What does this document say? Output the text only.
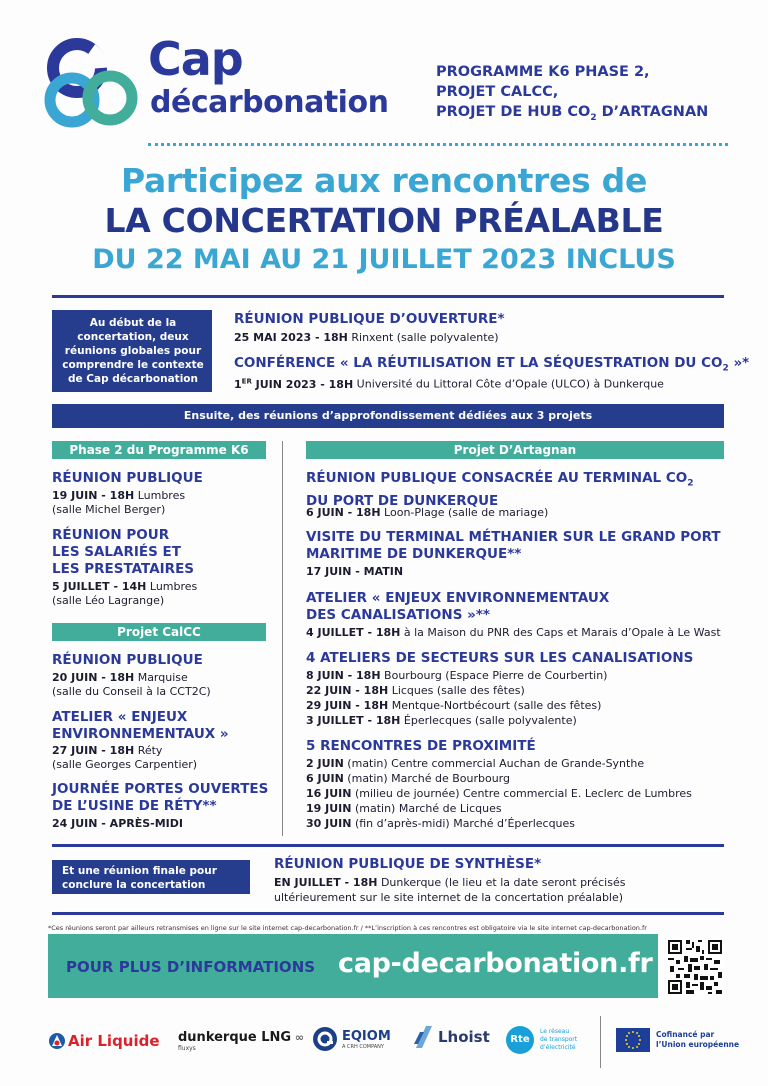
Cap
décarbonation
PROGRAMME K6 PHASE 2,
PROJET CALCC,
PROJET DE HUB $CO_2$ D’ARTAGNAN
Participez aux rencontres de
LA CONCERTATION PRÉALABLE
DU 22 MAI AU 21 JUILLET 2023 INCLUS
Au début de la concertation, deux réunions globales pour comprendre le contexte de Cap décarbonation
RÉUNION PUBLIQUE D’OUVERTURE*
25 MAI 2023 - 18H Rinxent (salle polyvalente)
CONFÉRENCE « LA RÉUTILISATION ET LA SÉQUESTRATION DU $CO_2$ »*
1ER JUIN 2023 - 18H Université du Littoral Côte d’Opale (ULCO) à Dunkerque
Ensuite, des réunions d’approfondissement dédiées aux 3 projets
Phase 2 du Programme K6
RÉUNION PUBLIQUE
19 JUIN - 18H Lumbres
(salle Michel Berger)
RÉUNION POUR
LES SALARIÉS ET
LES PRESTATAIRES
5 JUILLET - 14H Lumbres
(salle Léo Lagrange)
Projet CalCC
RÉUNION PUBLIQUE
20 JUIN - 18H Marquise
(salle du Conseil à la CCT2C)
ATELIER « ENJEUX
ENVIRONNEMENTAUX »
27 JUIN - 18H Réty
(salle Georges Carpentier)
JOURNÉE PORTES OUVERTES
DE L’USINE DE RÉTY**
24 JUIN - APRÈS-MIDI
Projet D’Artagnan
RÉUNION PUBLIQUE CONSACRÉE AU TERMINAL $CO_2$
DU PORT DE DUNKERQUE
6 JUIN - 18H Loon-Plage (salle de mariage)
VISITE DU TERMINAL MÉTHANIER SUR LE GRAND PORT
MARITIME DE DUNKERQUE**
17 JUIN - MATIN
ATELIER « ENJEUX ENVIRONNEMENTAUX
DES CANALISATIONS »**
4 JUILLET - 18H à la Maison du PNR des Caps et Marais d’Opale à Le Wast
4 ATELIERS DE SECTEURS SUR LES CANALISATIONS
8 JUIN - 18H Bourbourg (Espace Pierre de Courbertin)
22 JUIN - 18H Licques (salle des fêtes)
29 JUIN - 18H Mentque-Nortbécourt (salle des fêtes)
3 JUILLET - 18H Éperlecques (salle polyvalente)
5 RENCONTRES DE PROXIMITÉ
2 JUIN (matin) Centre commercial Auchan de Grande-Synthe
6 JUIN (matin) Marché de Bourbourg
16 JUIN (milieu de journée) Centre commercial E. Leclerc de Lumbres
19 JUIN (matin) Marché de Licques
30 JUIN (fin d’après-midi) Marché d’Éperlecques
Et une réunion finale pour conclure la concertation
RÉUNION PUBLIQUE DE SYNTHÈSE*
EN JUILLET - 18H Dunkerque (le lieu et la date seront précisés
ultérieurement sur le site internet de la concertation préalable)
*Ces réunions seront par ailleurs retransmises en ligne sur le site internet cap-decarbonation.fr / **L’inscription à ces rencontres est obligatoire via le site internet cap-decarbonation.fr
POUR PLUS D’INFORMATIONS cap-decarbonation.fr
Air Liquide dunkerque LNG ∞
fluxys
EQIOM
A CRH COMPANY
Lhoist	Rte
Le réseau
de transport
d’électricité
Cofinancé par
l’Union européenne
